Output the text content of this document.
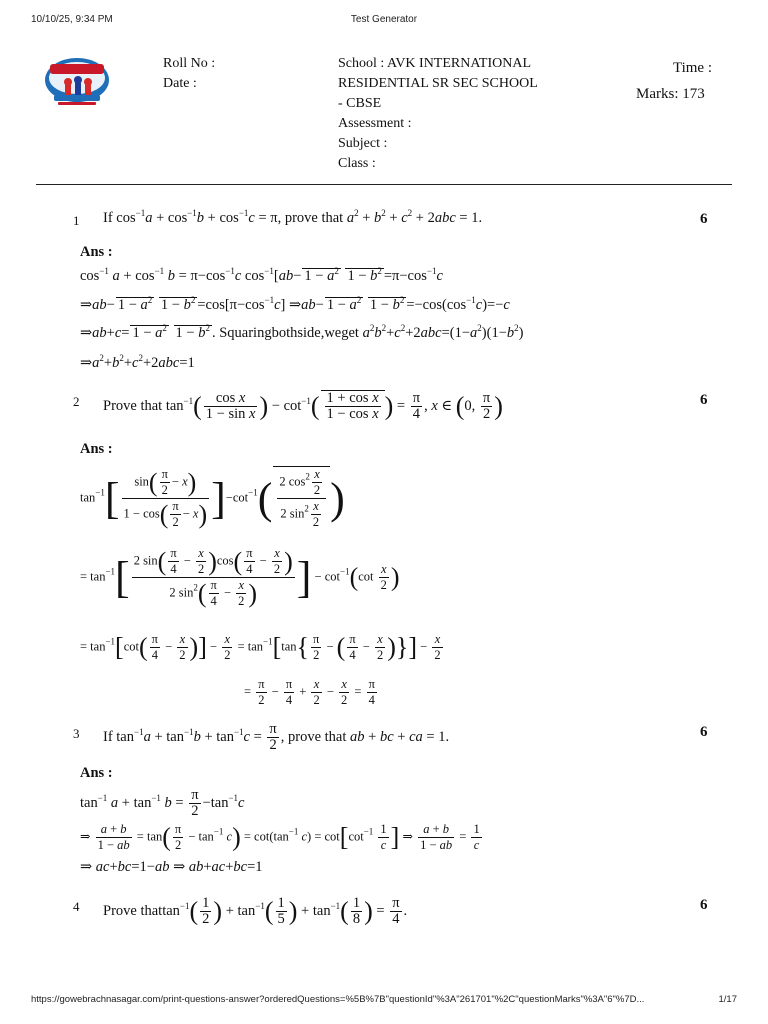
10/10/25, 9:34 PM	Test Generator
Roll No :
Date :
School : AVK INTERNATIONAL
RESIDENTIAL SR SEC SCHOOL
- CBSE
Assessment :
Subject :
Class :
Time :
Marks: 173
1	6
If $\cos^{-1}a + \cos^{-1}b + \cos^{-1}c = \pi$, prove that $a^2 + b^2 + c^2 + 2abc = 1$.
Ans :
$\cos^{-1} a + \cos^{-1} b = \pi-\cos^{-1}c$ $\cos^{-1}[ab- 1 - a^2$ $1 - b^2 =\pi-\cos^{-1}c$
⇒ab− $1 - a^2$ $1 - b^2 =\cos[\pi-\cos^{-1}c]$ ⇒ab− $1 - a^2$ $1 - b^2 =-\cos(\cos^{-1}c)=-c$
⇒ab+c= $1 - a^2$ $1 - b^2$ . Squaringbothside,weget $a^2b^2+c^2+2abc=(1-a^2)(1-b^2)$
$\Rightarrow a^2+b^2+c^2+2abc=1$
2	6
Prove that $\tan^{-1}( \frac{\text{cos x}}{\text{1 − sin x}}$ ) − $\cot^{-1}( \frac{\text{1 + cos x}}{\text{1 − cos x}}$ ) = $\frac{\pi}{4}$ , x ∈ (0, $\frac{\pi}{2}$ )
Ans :
$\tan^{-1}[ \frac{\sin( \frac{\pi}{2} - x)}{1 - \cos( \frac{\pi}{2} - x)} ]-\cot^{-1}( \frac{2 \cos^2 \frac{x}{2}}{2 \sin^2 \frac{x}{2}}$ )
= $\tan^{-1}[ \frac{2 \sin( \frac{\pi}{4} - \frac{x}{2} )\cos( \frac{\pi}{4} - \frac{x}{2} )}{2 \sin^2( \frac{\pi}{4} - \frac{x}{2} )}$ ] − $\cot^{-1}(\cot \frac{x}{2}$ )
= $\tan^{-1}[\cot( \frac{\pi}{4} - \frac{x}{2}$ )] − $\frac{x}{2} = \tan^{-1}[\tan\{ \frac{\pi}{2}$ − ( $\frac{\pi}{4} - \frac{x}{2}$ )}] − $\frac{x}{2}$
= $\frac{\pi}{2} - \frac{\pi}{4} + \frac{x}{2} - \frac{x}{2} = \frac{\pi}{4}$
3	6
If $\tan^{-1}a + \tan^{-1}b + \tan^{-1}c = \frac{\pi}{2}$ , prove that ab + bc + ca = 1.
Ans :
$\tan^{-1} a + \tan^{-1} b = \frac{\pi}{2} -\tan^{-1}c$
⇒ $\frac{a + b}{1 - ab} = \tan( \frac{\pi}{2} - \tan^{-1} c) = \cot(\tan^{-1}$ $c) = \cot[\cot^{-1} \frac{1}{c}$ ] ⇒ $\frac{a + b}{1 - ab} = \frac{1}{c}$
⇒ ac+bc=1−ab ⇒ ab+ac+bc=1
4	6
Prove thattan$^{-1}$( $\frac{1}{2}$ ) + $\tan^{-1}( \frac{1}{5}$ ) + $\tan^{-1}( \frac{1}{8}$ ) = $\frac{\pi}{4}$ .
https://gowebrachnasagar.com/print-questions-answer?orderedQuestions=%5B%7B"questionId"%3A"261701"%2C"questionMarks"%3A"6"%7D...	1/17
